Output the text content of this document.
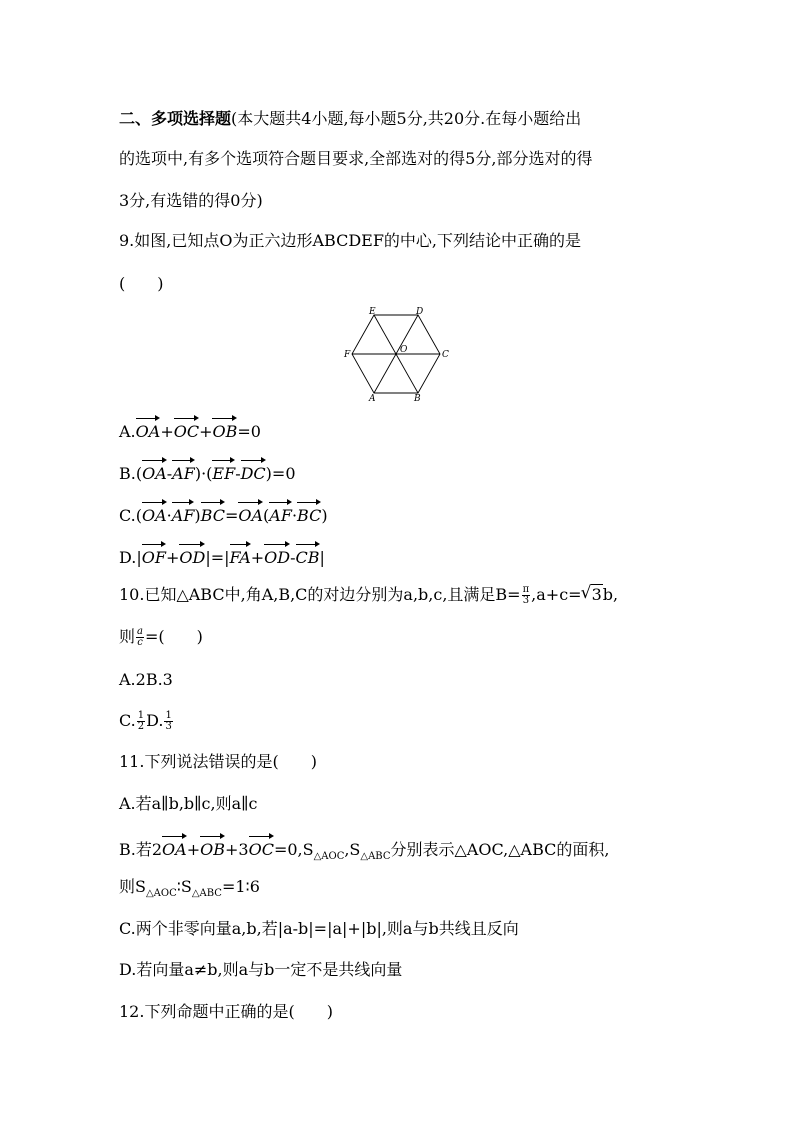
二、多项选择题(本大题共4小题,每小题5分,共20分.在每小题给出
的选项中,有多个选项符合题目要求,全部选对的得5分,部分选对的得
3分,有选错的得0分)
9.如图,已知点O为正六边形ABCDEF的中心,下列结论中正确的是
(　　)
A.OA+OC+OB=0
B.(OA-AF)·(EF-DC)=0
C.(OA·AF)BC=OA(AF·BC)
D.|OF+OD|=|FA+OD-CB|
10.已知△ABC中,角A,B,C的对边分别为a,b,c,且满足$B= \frac{\pi}{3} ,a+c=√$ 3b,
则 $\frac{a}{c}$ =(　　)
A.2B.3
C. $\frac{1}{2} D$. $\frac{1}{3}$
11.下列说法错误的是(　　)
A.若a∥b,b∥c,则a∥c
B.若$2OA+OB+3OC=0,S_{\triangle AOC},S_{\triangle ABC}$分别表示△AOC,△ABC的面积,
则$S_{\triangle AOC}∶S_{\triangle ABC}=1∶6$
C.两个非零向量a,b,若|a-b|=|a|+|b|,则a与b共线且反向
D.若向量a≠b,则a与b一定不是共线向量
12.下列命题中正确的是(　　)
E	D
F	C
O
A	B
